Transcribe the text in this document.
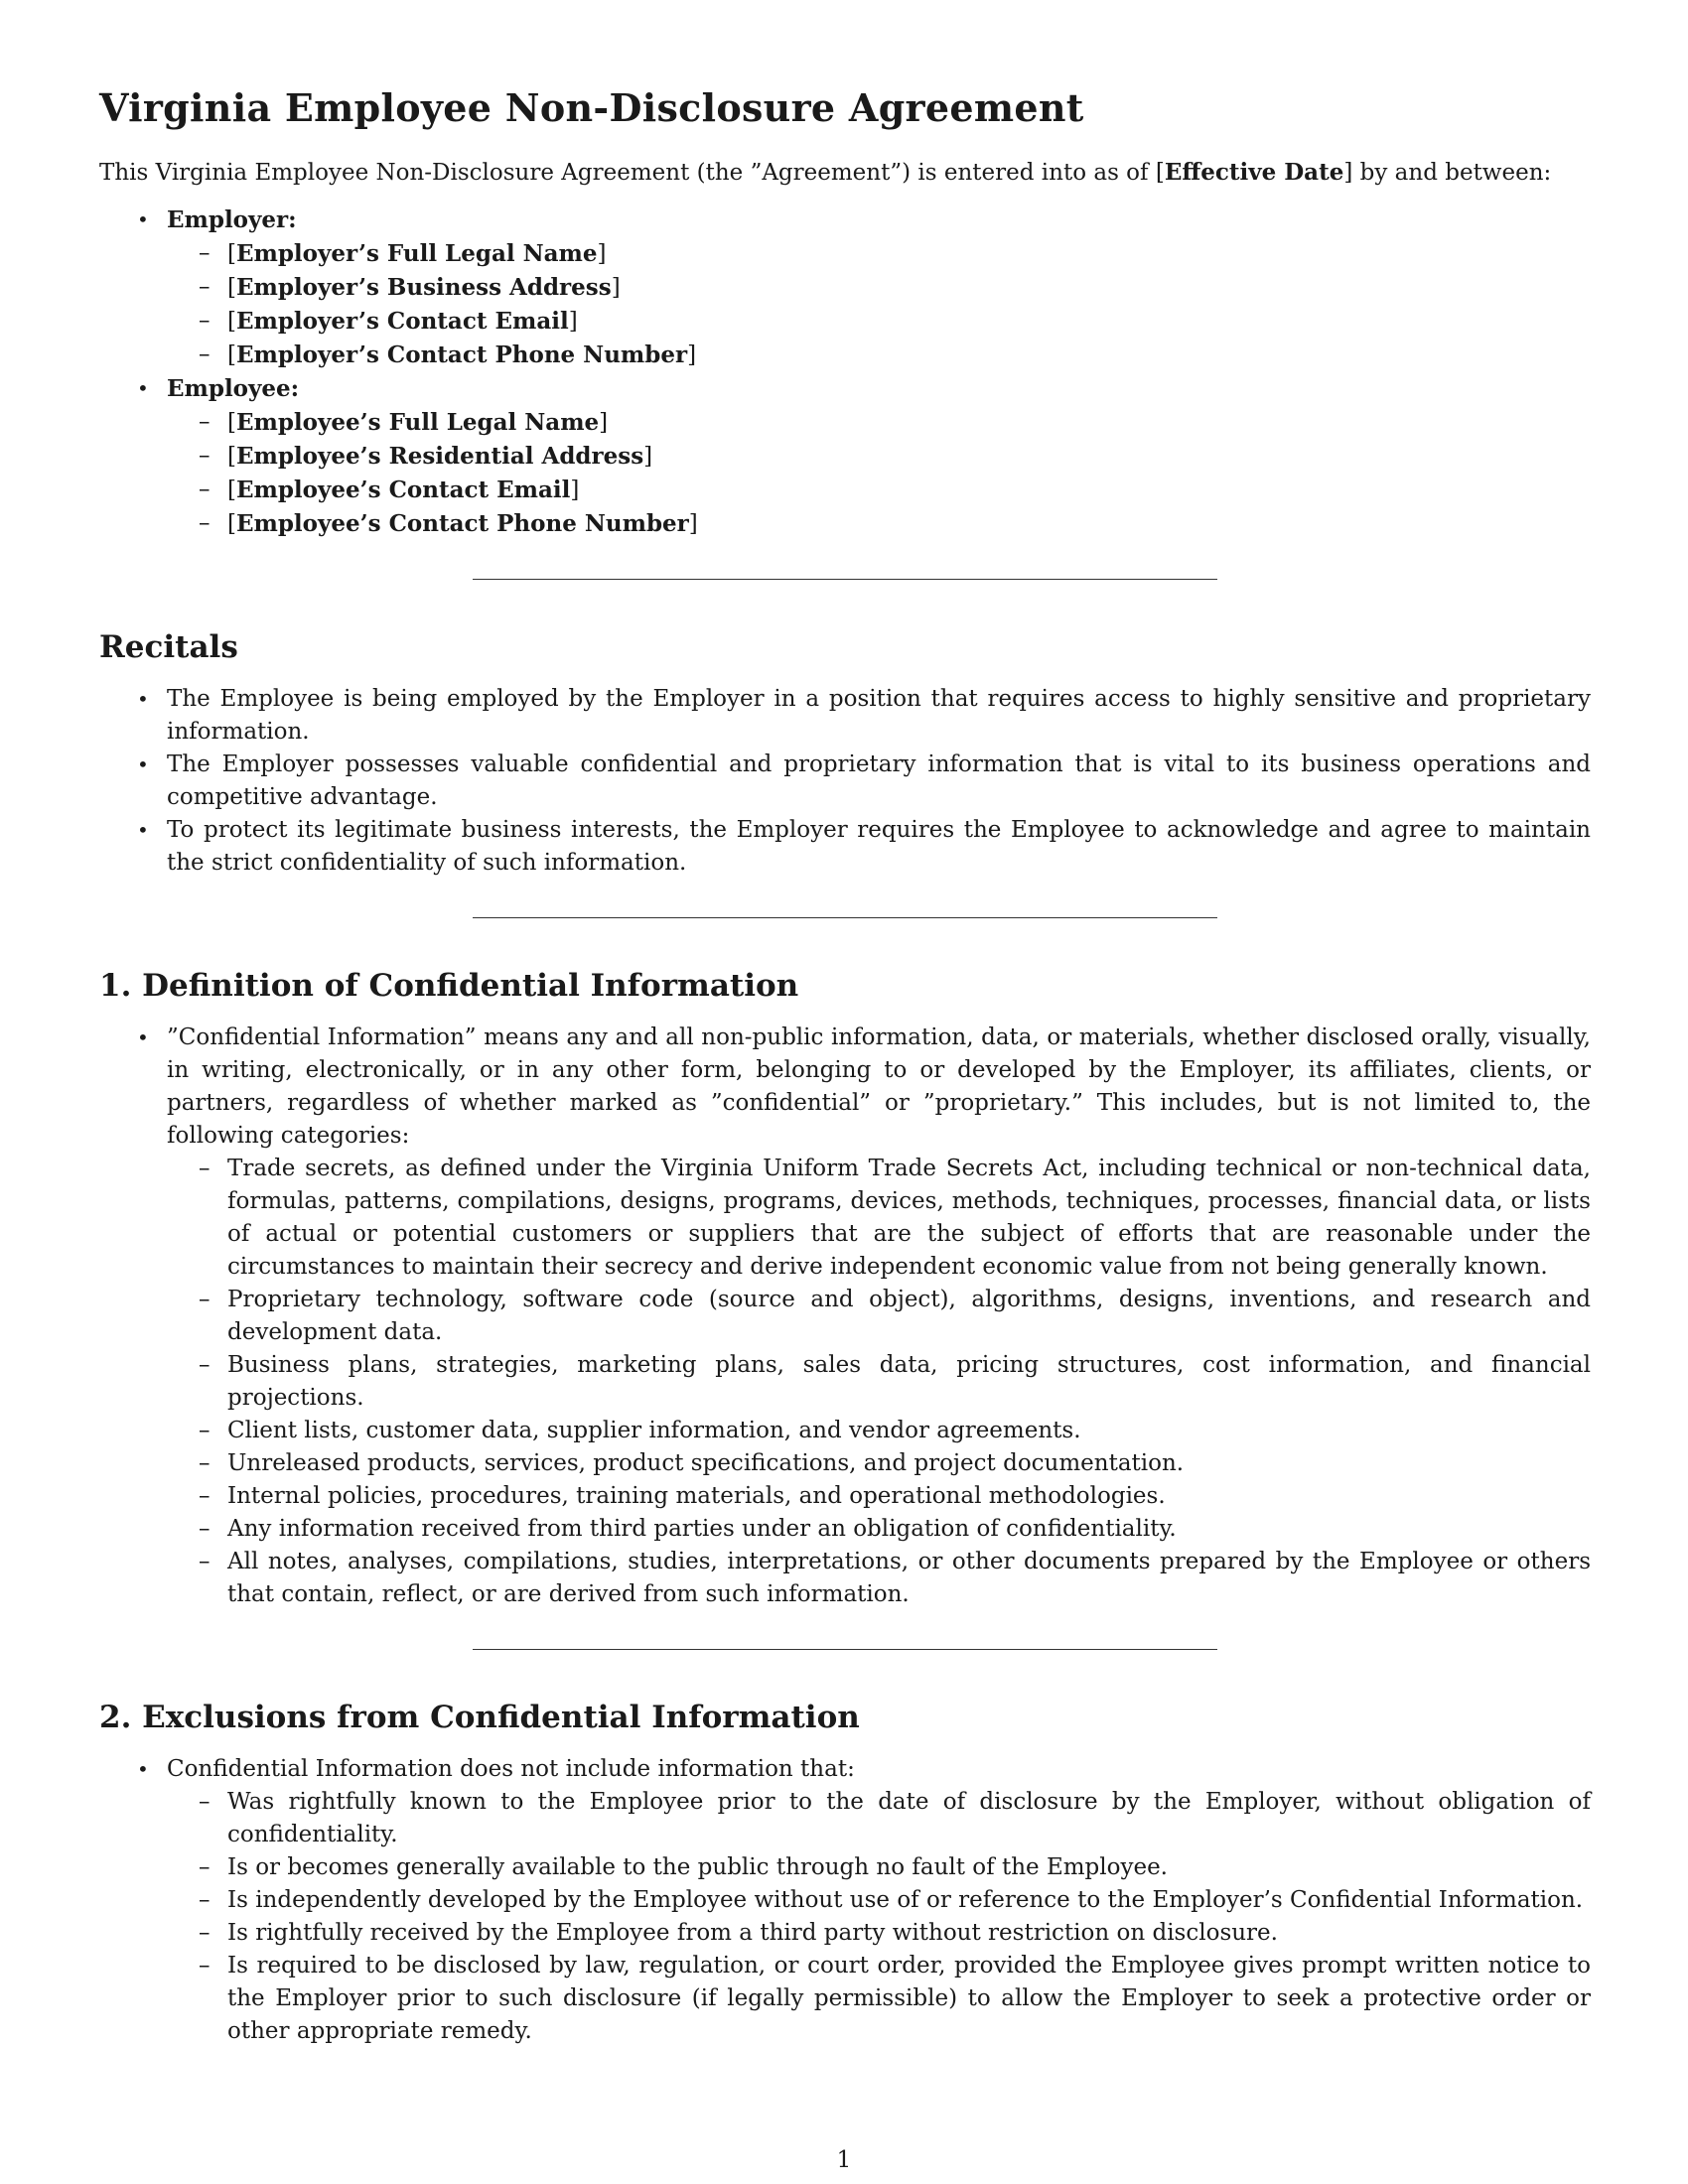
Virginia Employee Non-Disclosure Agreement

This Virginia Employee Non-Disclosure Agreement (the ”Agreement”) is entered into as of [Effective Date] by and between:

• Employer:
– [Employer’s Full Legal Name]
– [Employer’s Business Address]
– [Employer’s Contact Email]
– [Employer’s Contact Phone Number]
• Employee:
– [Employee’s Full Legal Name]
– [Employee’s Residential Address]
– [Employee’s Contact Email]
– [Employee’s Contact Phone Number]
Recitals
• The Employee is being employed by the Employer in a position that requires access to highly sensitive and proprietary information.
• The Employer possesses valuable confidential and proprietary information that is vital to its business operations and competitive advantage.
• To protect its legitimate business interests, the Employer requires the Employee to acknowledge and agree to maintain the strict confidentiality of such information.
1. Definition of Confidential Information
• ”Confidential Information” means any and all non-public information, data, or materials, whether disclosed orally, visually, in writing, electronically, or in any other form, belonging to or developed by the Employer, its affiliates, clients, or partners, regardless of whether marked as ”confidential” or ”proprietary.” This includes, but is not limited to, the following categories:
– Trade secrets, as defined under the Virginia Uniform Trade Secrets Act, including technical or non-technical data, formulas, patterns, compilations, designs, programs, devices, methods, techniques, processes, financial data, or lists of actual or potential customers or suppliers that are the subject of efforts that are reasonable under the circumstances to maintain their secrecy and derive independent economic value from not being generally known.
– Proprietary technology, software code (source and object), algorithms, designs, inventions, and research and development data.
– Business plans, strategies, marketing plans, sales data, pricing structures, cost information, and financial projections.
– Client lists, customer data, supplier information, and vendor agreements.
– Unreleased products, services, product specifications, and project documentation.
– Internal policies, procedures, training materials, and operational methodologies.
– Any information received from third parties under an obligation of confidentiality.
– All notes, analyses, compilations, studies, interpretations, or other documents prepared by the Employee or others that contain, reflect, or are derived from such information.
2. Exclusions from Confidential Information
• Confidential Information does not include information that:
– Was rightfully known to the Employee prior to the date of disclosure by the Employer, without obligation of confidentiality.
– Is or becomes generally available to the public through no fault of the Employee.
– Is independently developed by the Employee without use of or reference to the Employer’s Confidential Information.
– Is rightfully received by the Employee from a third party without restriction on disclosure.
– Is required to be disclosed by law, regulation, or court order, provided the Employee gives prompt written notice to the Employer prior to such disclosure (if legally permissible) to allow the Employer to seek a protective order or other appropriate remedy.
1
